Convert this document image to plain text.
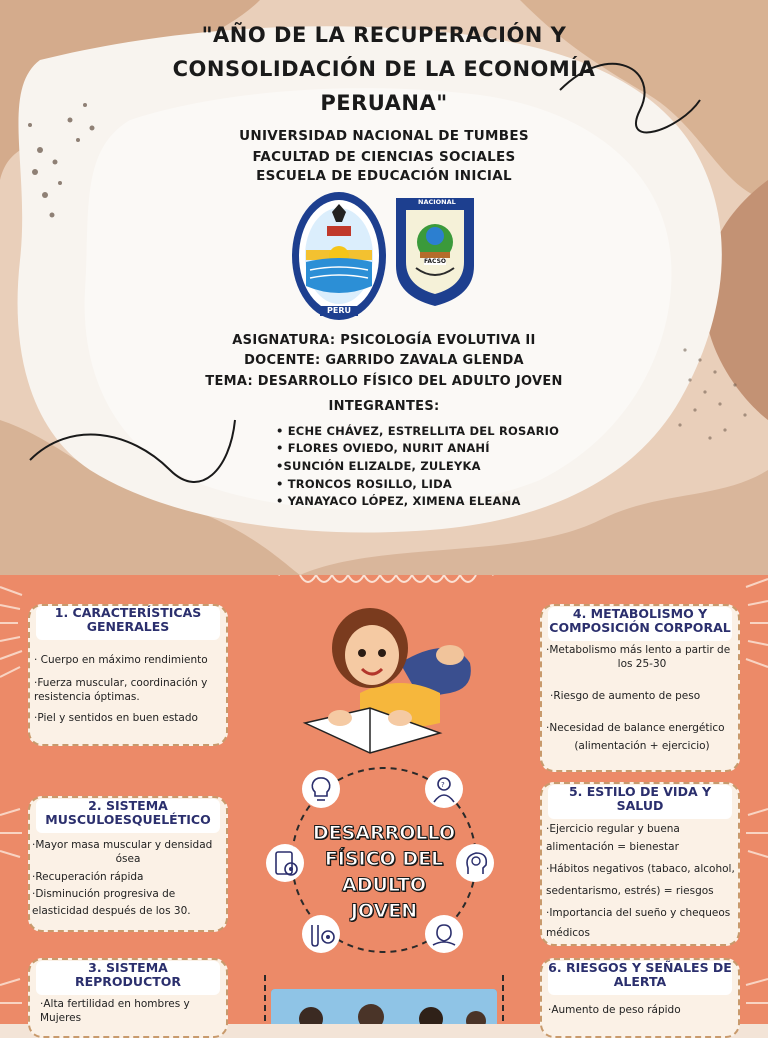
"AÑO DE LA RECUPERACIÓN Y
CONSOLIDACIÓN DE LA ECONOMÍA
PERUANA"
UNIVERSIDAD NACIONAL DE TUMBES
FACULTAD DE CIENCIAS SOCIALES
ESCUELA DE EDUCACIÓN INICIAL
PERU
NACIONAL
FACSO
ASIGNATURA: PSICOLOGÍA EVOLUTIVA II
DOCENTE: GARRIDO ZAVALA GLENDA
TEMA: DESARROLLO FÍSICO DEL ADULTO JOVEN
INTEGRANTES:
• ECHE CHÁVEZ, ESTRELLITA DEL ROSARIO
• FLORES OVIEDO, NURIT ANAHÍ
•SUNCIÓN ELIZALDE, ZULEYKA
• TRONCOS ROSILLO, LIDA
• YANAYACO LÓPEZ, XIMENA ELEANA
?
DESARROLLO
FÍSICO DEL
ADULTO
JOVEN
1. CARACTERÍSTICAS
GENERALES
· Cuerpo en máximo rendimiento
·Fuerza muscular, coordinación y
resistencia óptimas.
·Piel y sentidos en buen estado
2. SISTEMA
MUSCULOESQUELÉTICO
·Mayor masa muscular y densidad
ósea
·Recuperación rápida
·Disminución progresiva de
elasticidad después de los 30.
3. SISTEMA
REPRODUCTOR
·Alta fertilidad en hombres y
Mujeres
4. METABOLISMO Y
COMPOSICIÓN CORPORAL
·Metabolismo más lento a partir de
los 25-30
·Riesgo de aumento de peso
·Necesidad de balance energético
(alimentación + ejercicio)
5. ESTILO DE VIDA Y
SALUD
·Ejercicio regular y buena
alimentación = bienestar
·Hábitos negativos (tabaco, alcohol,
sedentarismo, estrés) = riesgos
·Importancia del sueño y chequeos
médicos
6. RIESGOS Y SEÑALES DE
ALERTA
·Aumento de peso rápido
